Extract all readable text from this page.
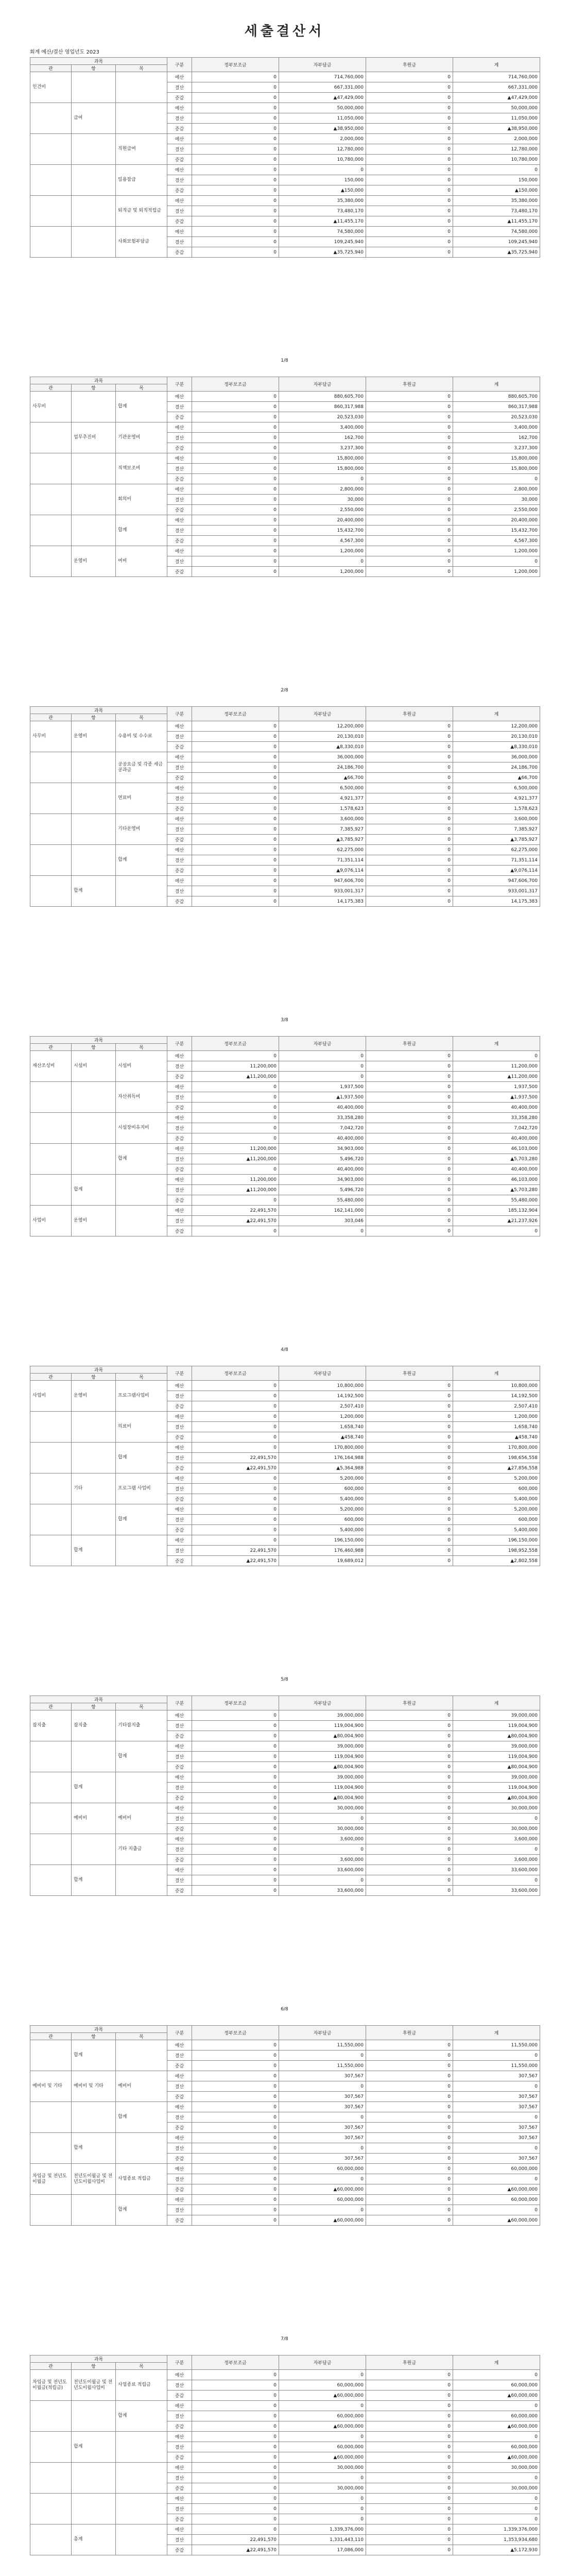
세출결산서
회계 예산/결산 영업년도 2023
과목			구분	정부보조금	자부담금	후원금	계
관	항	목					
인건비			예산	0	714,760,000	0	714,760,000
			결산	0	667,331,000	0	667,331,000
			증감	0	▲47,429,000	0	▲47,429,000
	급여		예산	0	50,000,000	0	50,000,000
			결산	0	11,050,000	0	11,050,000
			증감	0	▲38,950,000	0	▲38,950,000
		직원급여	예산	0	2,000,000	0	2,000,000
			결산	0	12,780,000	0	12,780,000
			증감	0	10,780,000	0	10,780,000
		일용잡급	예산	0	0	0	0
			결산	0	150,000	0	150,000
			증감	0	▲150,000	0	▲150,000
		퇴직금 및 퇴직적립금	예산	0	35,380,000	0	35,380,000
			결산	0	73,480,170	0	73,480,170
			증감	0	▲11,455,170	0	▲11,455,170
		사회보험부담금	예산	0	74,580,000	0	74,580,000
			결산	0	109,245,940	0	109,245,940
			증감	0	▲35,725,940	0	▲35,725,940
1/8
과목			구분	정부보조금	자부담금	후원금	계
관	항	목					
사무비		합계	예산	0	880,605,700	0	880,605,700
			결산	0	860,317,988	0	860,317,988
			증감	0	20,523,030	0	20,523,030
	업무추진비	기관운영비	예산	0	3,400,000	0	3,400,000
			결산	0	162,700	0	162,700
			증감	0	3,237,300	0	3,237,300
		직책보조비	예산	0	15,800,000	0	15,800,000
			결산	0	15,800,000	0	15,800,000
			증감	0	0	0	0
		회의비	예산	0	2,800,000	0	2,800,000
			결산	0	30,000	0	30,000
			증감	0	2,550,000	0	2,550,000
		합계	예산	0	20,400,000	0	20,400,000
			결산	0	15,432,700	0	15,432,700
			증감	0	4,567,300	0	4,567,300
	운영비	여비	예산	0	1,200,000	0	1,200,000
			결산	0	0	0	0
			증감	0	1,200,000	0	1,200,000
2/8
과목			구분	정부보조금	자부담금	후원금	계
관	항	목					
사무비	운영비	수용비 및 수수료	예산	0	12,200,000	0	12,200,000
			결산	0	20,130,010	0	20,130,010
			증감	0	▲8,330,010	0	▲8,330,010
		공공요금 및 각종 세금공과금	예산	0	36,000,000	0	36,000,000
			결산	0	24,186,700	0	24,186,700
			증감	0	▲66,700	0	▲66,700
		연료비	예산	0	6,500,000	0	6,500,000
			결산	0	4,921,377	0	4,921,377
			증감	0	1,578,623	0	1,578,623
		기타운영비	예산	0	3,600,000	0	3,600,000
			결산	0	7,385,927	0	7,385,927
			증감	0	▲3,785,927	0	▲3,785,927
		합계	예산	0	62,275,000	0	62,275,000
			결산	0	71,351,114	0	71,351,114
			증감	0	▲9,076,114	0	▲9,076,114
	합계		예산	0	947,606,700	0	947,606,700
			결산	0	933,001,317	0	933,001,317
			증감	0	14,175,383	0	14,175,383
3/8
과목			구분	정부보조금	자부담금	후원금	계
관	항	목					
재산조성비	시설비	시설비	예산	0	0	0	0
			결산	11,200,000	0	0	11,200,000
			증감	▲11,200,000	0	0	▲11,200,000
		자산취득비	예산	0	1,937,500	0	1,937,500
			결산	0	▲1,937,500	0	▲1,937,500
			증감	0	40,400,000	0	40,400,000
		시설장비유지비	예산	0	33,358,280	0	33,358,280
			결산	0	7,042,720	0	7,042,720
			증감	0	40,400,000	0	40,400,000
		합계	예산	11,200,000	34,903,000	0	46,103,000
			결산	▲11,200,000	5,496,720	0	▲5,703,280
			증감	0	40,400,000	0	40,400,000
	합계		예산	11,200,000	34,903,000	0	46,103,000
			결산	▲11,200,000	5,496,720	0	▲5,703,280
			증감	0	55,480,000	0	55,480,000
사업비	운영비		예산	22,491,570	162,141,000	0	185,132,904
			결산	▲22,491,570	303,046	0	▲21,237,926
			증감	0	0	0	0
4/8
과목			구분	정부보조금	자부담금	후원금	계
관	항	목					
사업비	운영비	프로그램사업비	예산	0	10,800,000	0	10,800,000
			결산	0	14,192,500	0	14,192,500
			증감	0	2,507,410	0	2,507,410
		의료비	예산	0	1,200,000	0	1,200,000
			결산	0	1,658,740	0	1,658,740
			증감	0	▲458,740	0	▲458,740
		합계	예산	0	170,800,000	0	170,800,000
			결산	22,491,570	176,164,988	0	198,656,558
			증감	▲22,491,570	▲5,364,988	0	▲27,856,558
	기타	프로그램 사업비	예산	0	5,200,000	0	5,200,000
			결산	0	600,000	0	600,000
			증감	0	5,400,000	0	5,400,000
		합계	예산	0	5,200,000	0	5,200,000
			결산	0	600,000	0	600,000
			증감	0	5,400,000	0	5,400,000
	합계		예산	0	196,150,000	0	196,150,000
			결산	22,491,570	176,460,988	0	198,952,558
			증감	▲22,491,570	19,689,012	0	▲2,802,558
5/8
과목			구분	정부보조금	자부담금	후원금	계
관	항	목					
잡지출	잡지출	기타잡지출	예산	0	39,000,000	0	39,000,000
			결산	0	119,004,900	0	119,004,900
			증감	0	▲80,004,900	0	▲80,004,900
		합계	예산	0	39,000,000	0	39,000,000
			결산	0	119,004,900	0	119,004,900
			증감	0	▲80,004,900	0	▲80,004,900
	합계		예산	0	39,000,000	0	39,000,000
			결산	0	119,004,900	0	119,004,900
			증감	0	▲80,004,900	0	▲80,004,900
	예비비	예비비	예산	0	30,000,000	0	30,000,000
			결산	0	0	0	0
			증감	0	30,000,000	0	30,000,000
		기타 지출금	예산	0	3,600,000	0	3,600,000
			결산	0	0	0	0
			증감	0	3,600,000	0	3,600,000
	합계		예산	0	33,600,000	0	33,600,000
			결산	0	0	0	0
			증감	0	33,600,000	0	33,600,000
6/8
과목			구분	정부보조금	자부담금	후원금	계
관	항	목					
	합계		예산	0	11,550,000	0	11,550,000
			결산	0	0	0	0
			증감	0	11,550,000	0	11,550,000
예비비 및 기타	예비비 및 기타	예비비	예산	0	307,567	0	307,567
			결산	0	0	0	0
			증감	0	307,567	0	307,567
		합계	예산	0	307,567	0	307,567
			결산	0	0	0	0
			증감	0	307,567	0	307,567
	합계		예산	0	307,567	0	307,567
			결산	0	0	0	0
			증감	0	307,567	0	307,567
차입금 및 전년도 이월금	전년도이월금 및 전년도이월사업비	사업종료 적립금	예산	0	60,000,000	0	60,000,000
			결산	0	0	0	0
			증감	0	▲60,000,000	0	▲60,000,000
		합계	예산	0	60,000,000	0	60,000,000
			결산	0	0	0	0
			증감	0	▲60,000,000	0	▲60,000,000
7/8
과목			구분	정부보조금	자부담금	후원금	계
관	항	목					
차입금 및 전년도 이월금(적립금)	전년도이월금 및 전년도이월사업비	사업종료 적립금	예산	0	0	0	0
			결산	0	60,000,000	0	60,000,000
			증감	0	▲60,000,000	0	▲60,000,000
		합계	예산	0	0	0	0
			결산	0	60,000,000	0	60,000,000
			증감	0	▲60,000,000	0	▲60,000,000
	합계		예산	0	0	0	0
			결산	0	60,000,000	0	60,000,000
			증감	0	▲60,000,000	0	▲60,000,000
			예산	0	30,000,000	0	30,000,000
			결산	0	0	0	0
			증감	0	30,000,000	0	30,000,000
			예산	0	0	0	0
			결산	0	0	0	0
			증감	0	0	0	0
	총계		예산	0	1,339,376,000	0	1,339,376,000
			결산	22,491,570	1,331,443,110	0	1,353,934,680
			증감	▲22,491,570	17,086,000	0	▲5,172,930
